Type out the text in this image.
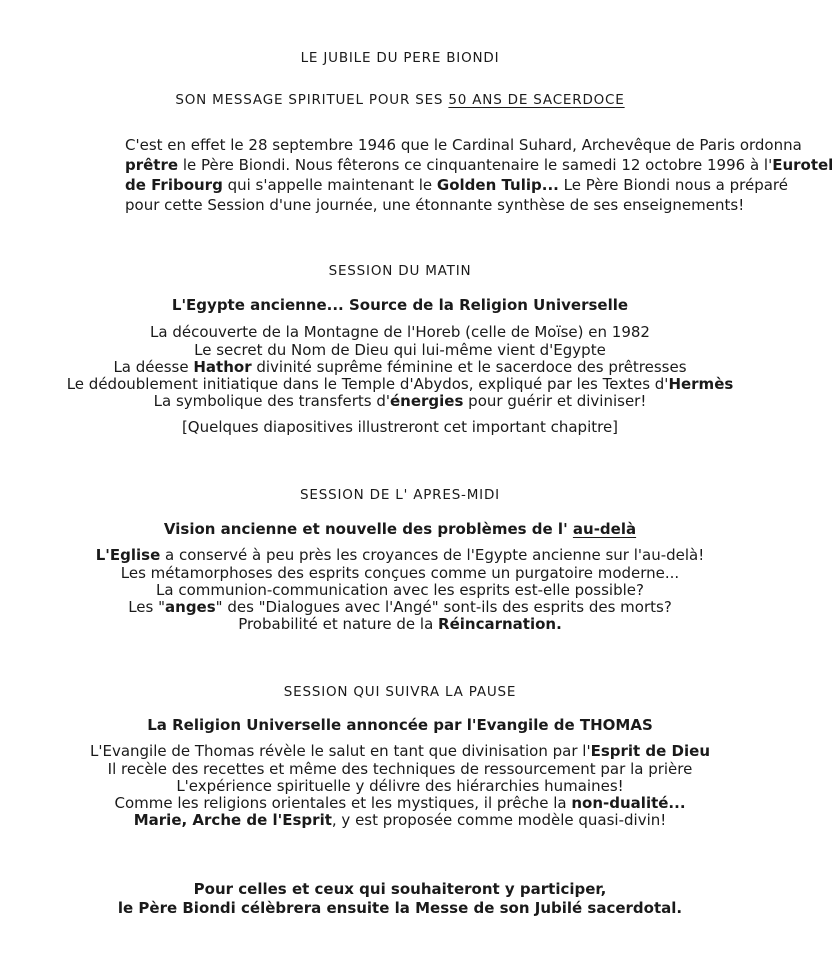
LE JUBILE DU PERE BIONDI
SON MESSAGE SPIRITUEL POUR SES 50 ANS DE SACERDOCE
C'est en effet le 28 septembre 1946 que le Cardinal Suhard, Archevêque de Paris ordonna
prêtre le Père Biondi. Nous fêterons ce cinquantenaire le samedi 12 octobre 1996 à l'Eurotel
de Fribourg qui s'appelle maintenant le Golden Tulip... Le Père Biondi nous a préparé
pour cette Session d'une journée, une étonnante synthèse de ses enseignements!
SESSION DU MATIN
L'Egypte ancienne... Source de la Religion Universelle
La découverte de la Montagne de l'Horeb (celle de Moïse) en 1982
Le secret du Nom de Dieu qui lui-même vient d'Egypte
La déesse Hathor divinité suprême féminine et le sacerdoce des prêtresses
Le dédoublement initiatique dans le Temple d'Abydos, expliqué par les Textes d'Hermès
La symbolique des transferts d'énergies pour guérir et diviniser!
[Quelques diapositives illustreront cet important chapitre]
SESSION DE L' APRES-MIDI
Vision ancienne et nouvelle des problèmes de l' au-delà
L'Eglise a conservé à peu près les croyances de l'Egypte ancienne sur l'au-delà!
Les métamorphoses des esprits conçues comme un purgatoire moderne...
La communion-communication avec les esprits est-elle possible?
Les "anges" des "Dialogues avec l'Angé" sont-ils des esprits des morts?
Probabilité et nature de la Réincarnation.
SESSION QUI SUIVRA LA PAUSE
La Religion Universelle annoncée par l'Evangile de THOMAS
L'Evangile de Thomas révèle le salut en tant que divinisation par l'Esprit de Dieu
Il recèle des recettes et même des techniques de ressourcement par la prière
L'expérience spirituelle y délivre des hiérarchies humaines!
Comme les religions orientales et les mystiques, il prêche la non-dualité...
Marie, Arche de l'Esprit, y est proposée comme modèle quasi-divin!
Pour celles et ceux qui souhaiteront y participer,
le Père Biondi célèbrera ensuite la Messe de son Jubilé sacerdotal.
